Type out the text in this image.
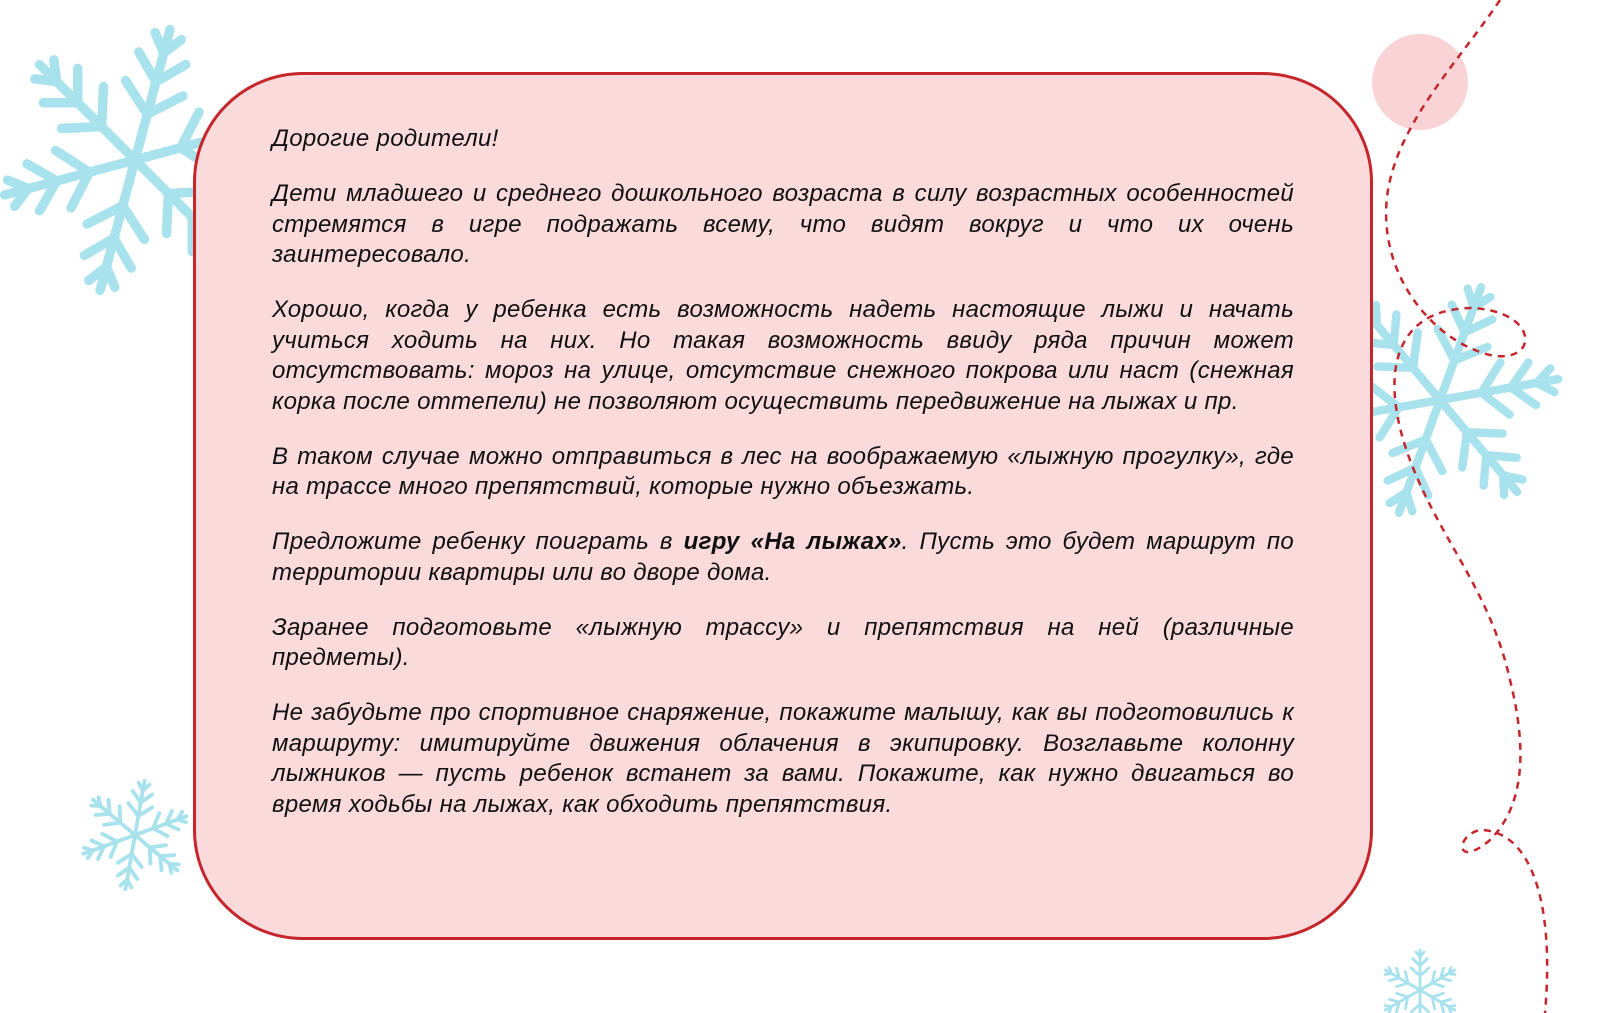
Дорогие родители!

Дети младшего и среднего дошкольного возраста в силу возрастных особенностей стремятся в игре подражать всему, что видят вокруг и что их очень заинтересовало.

Хорошо, когда у ребенка есть возможность надеть настоящие лыжи и начать учиться ходить на них. Но такая возможность ввиду ряда причин может отсутствовать: мороз на улице, отсутствие снежного покрова или наст (снежная корка после оттепели) не позволяют осуществить передвижение на лыжах и пр.

В таком случае можно отправиться в лес на воображаемую «лыжную прогулку», где на трассе много препятствий, которые нужно объезжать.

Предложите ребенку поиграть в игру «На лыжах». Пусть это будет маршрут по территории квартиры или во дворе дома.

Заранее подготовьте «лыжную трассу» и препятствия на ней (различные предметы).

Не забудьте про спортивное снаряжение, покажите малышу, как вы подготовились к маршруту: имитируйте движения облачения в экипировку. Возглавьте колонну лыжников — пусть ребенок встанет за вами. Покажите, как нужно двигаться во время ходьбы на лыжах, как обходить препятствия.
